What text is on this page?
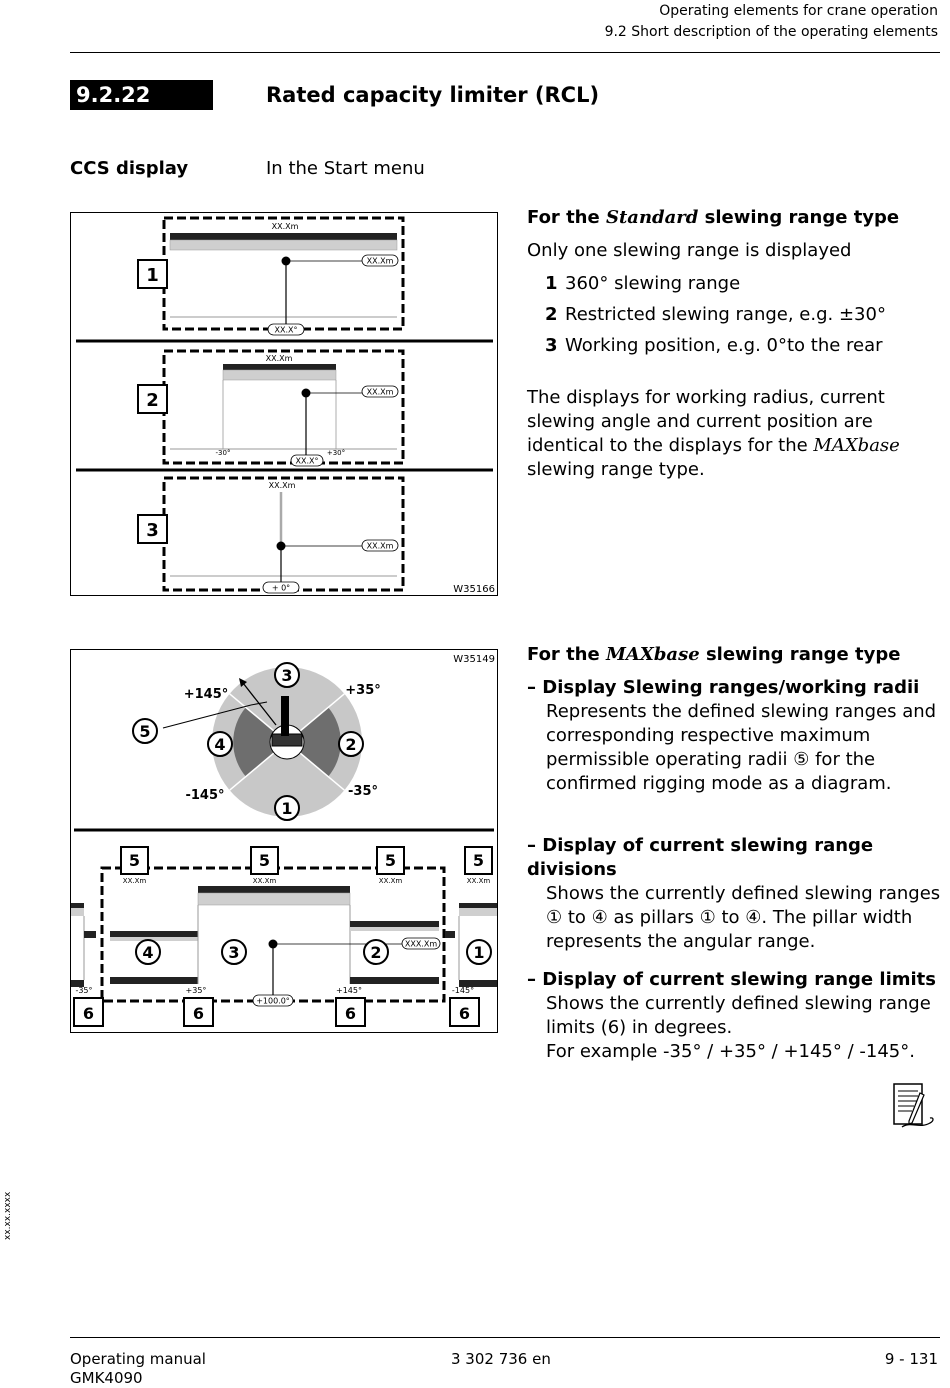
Operating elements for crane operation
9.2 Short description of the operating elements
9.2.22	Rated capacity limiter (RCL)
CCS display	In the Start menu
XX.Xm
XX.Xm
XX.X°
1
XX.Xm
XX.Xm
-30°	+30°
XX.X°
2
XX.Xm
XX.Xm
+ 0°
3
W35166
For the Standard slewing range type
Only one slewing range is displayed
1 360° slewing range
2 Restricted slewing range, e.g. ±30°
3 Working position, e.g. 0°to the rear
The displays for working radius, current
slewing angle and current position are
identical to the displays for the MAXbase
slewing range type.
W35149
+145°	+35°
-145°	-35°
3
5
4	2
1
XXX.Xm
+100.0°
5
XX.Xm
5
XX.Xm
5
XX.Xm
5
XX.Xm
4	3	2	1
-35°	+35°	+145°	-145°
6	6	6	6
For the MAXbase slewing range type
– Display Slewing ranges/working radii
Represents the defined slewing ranges and
corresponding respective maximum
permissible operating radii ⑤ for the
confirmed rigging mode as a diagram.
– Display of current slewing range divisions
Shows the currently defined slewing ranges
① to ④ as pillars ① to ④. The pillar width
represents the angular range.
– Display of current slewing range limits
Shows the currently defined slewing range
limits (6) in degrees.
For example -35° / +35° / +145° / -145°.
xx.xx.xxxx
Operating manual
GMK4090
3 302 736 en	9 - 131
